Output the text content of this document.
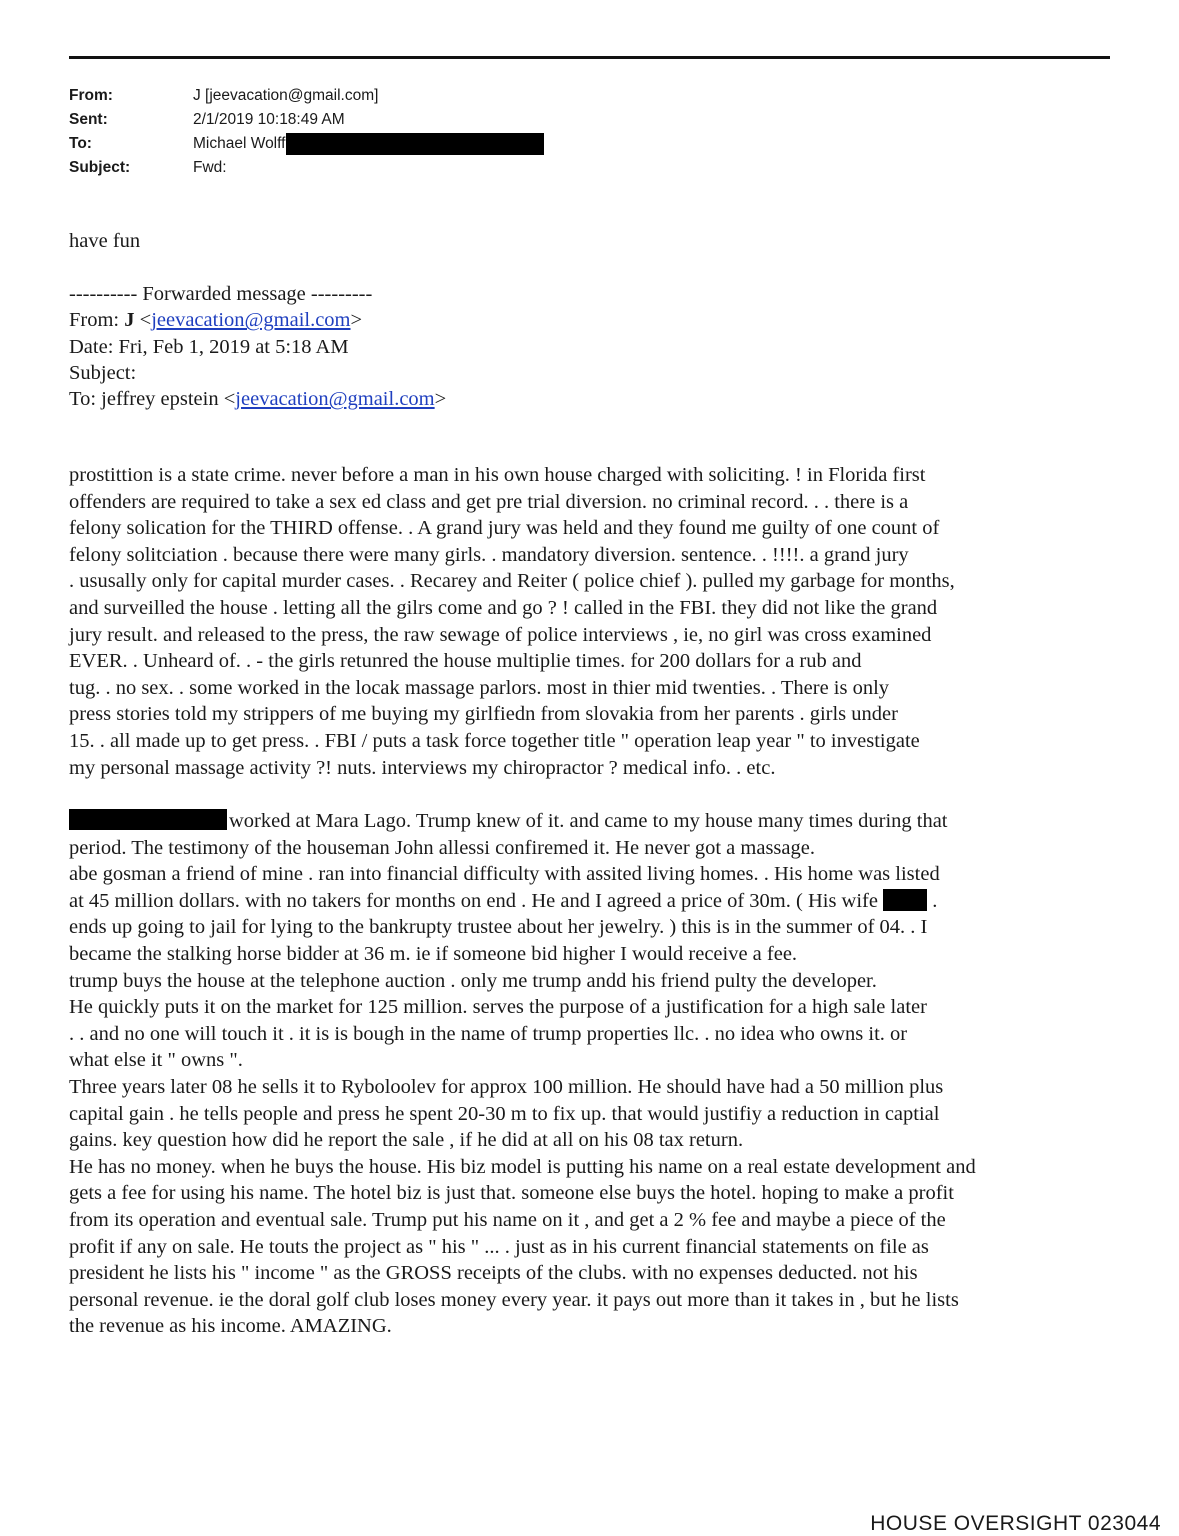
From:	J [jeevacation@gmail.com]
Sent:	2/1/2019 10:18:49 AM
To:	Michael Wolff
Subject:	Fwd:
have fun
---------- Forwarded message ---------
From: J <jeevacation@gmail.com>
Date: Fri, Feb 1, 2019 at 5:18 AM
Subject:
To: jeffrey epstein <jeevacation@gmail.com>
prostittion is a state crime. never before a man in his own house charged with soliciting. ! in Florida first
offenders are required to take a sex ed class and get pre trial diversion. no criminal record. . . there is a
felony solication for the THIRD offense. . A grand jury was held and they found me guilty of one count of
felony solitciation . because there were many girls. . mandatory diversion. sentence. . !!!!. a grand jury
. ususally only for capital murder cases. . Recarey and Reiter ( police chief ). pulled my garbage for months,
and surveilled the house . letting all the gilrs come and go ? ! called in the FBI. they did not like the grand
jury result. and released to the press, the raw sewage of police interviews , ie, no girl was cross examined
EVER. . Unheard of. . - the girls retunred the house multiplie times. for 200 dollars for a rub and
tug. . no sex. . some worked in the locak massage parlors. most in thier mid twenties. . There is only
press stories told my strippers of me buying my girlfiedn from slovakia from her parents . girls under
15. . all made up to get press. . FBI / puts a task force together title " operation leap year " to investigate
my personal massage activity ?! nuts. interviews my chiropractor ? medical info. . etc.
worked at Mara Lago. Trump knew of it. and came to my house many times during that
period. The testimony of the houseman John allessi confiremed it. He never got a massage.
abe gosman a friend of mine . ran into financial difficulty with assited living homes. . His home was listed
at 45 million dollars. with no takers for months on end . He and I agreed a price of 30m. ( His wife  .
ends up going to jail for lying to the bankrupty trustee about her jewelry. ) this is in the summer of 04. . I
became the stalking horse bidder at 36 m. ie if someone bid higher I would receive a fee.
trump buys the house at the telephone auction . only me trump andd his friend pulty the developer.
He quickly puts it on the market for 125 million. serves the purpose of a justification for a high sale later
. . and no one will touch it . it is is bough in the name of trump properties llc. . no idea who owns it. or
what else it " owns ".
Three years later 08 he sells it to Ryboloolev for approx 100 million. He should have had a 50 million plus
capital gain . he tells people and press he spent 20-30 m to fix up. that would justifiy a reduction in captial
gains. key question how did he report the sale , if he did at all on his 08 tax return.
He has no money. when he buys the house. His biz model is putting his name on a real estate development and
gets a fee for using his name. The hotel biz is just that. someone else buys the hotel. hoping to make a profit
from its operation and eventual sale. Trump put his name on it , and get a 2 % fee and maybe a piece of the
profit if any on sale. He touts the project as " his " ... . just as in his current financial statements on file as
president he lists his " income " as the GROSS receipts of the clubs. with no expenses deducted. not his
personal revenue. ie the doral golf club loses money every year. it pays out more than it takes in , but he lists
the revenue as his income. AMAZING.
HOUSE OVERSIGHT 023044
